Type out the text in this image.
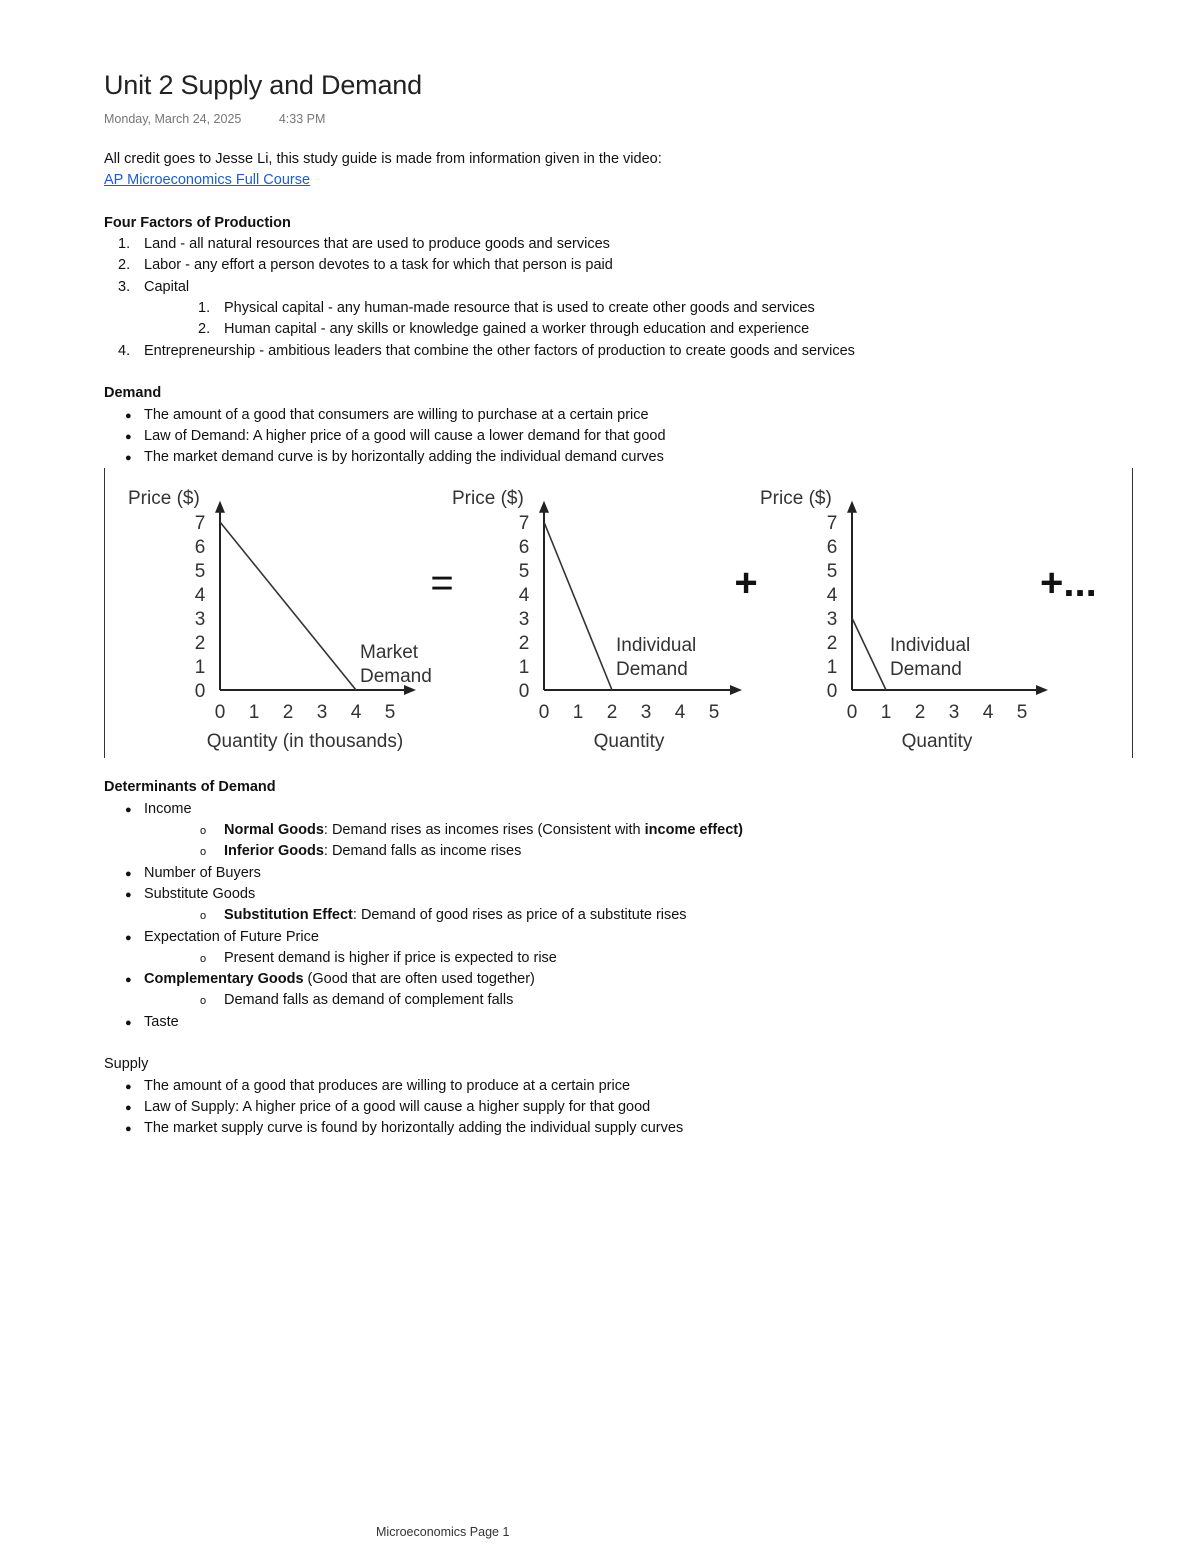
Unit 2 Supply and Demand
Monday, March 24, 2025	4:33 PM

All credit goes to Jesse Li, this study guide is made from information given in the video:

AP Microeconomics Full Course

Four Factors of Production

1. Land - all natural resources that are used to produce goods and services
2. Labor - any effort a person devotes to a task for which that person is paid
3. Capital
1. Physical capital - any human-made resource that is used to create other goods and services
2. Human capital - any skills or knowledge gained a worker through education and experience
4. Entrepreneurship - ambitious leaders that combine the other factors of production to create goods and services

Demand

● The amount of a good that consumers are willing to purchase at a certain price
● Law of Demand: A higher price of a good will cause a lower demand for that good
● The market demand curve is by horizontally adding the individual demand curves
Price ($)
7
6
5
4
3
2
1
0
0 1 2 3 4 5
Quantity (in thousands)
Market
Demand
Price ($)
7
6
5
4
3
2
1
0
0 1 2 3 4 5
Quantity
Individual
Demand
Price ($)
7
6
5
4
3
2
1
0
0 1 2 3 4 5
Quantity
Individual
Demand
=	+	+...

Determinants of Demand

● Income
o Normal Goods: Demand rises as incomes rises (Consistent with income effect)
o Inferior Goods: Demand falls as income rises
● Number of Buyers
● Substitute Goods
o Substitution Effect: Demand of good rises as price of a substitute rises
● Expectation of Future Price
o Present demand is higher if price is expected to rise
● Complementary Goods (Good that are often used together)
o Demand falls as demand of complement falls
● Taste

Supply

● The amount of a good that produces are willing to produce at a certain price
● Law of Supply: A higher price of a good will cause a higher supply for that good
● The market supply curve is found by horizontally adding the individual supply curves
Microeconomics Page 1
